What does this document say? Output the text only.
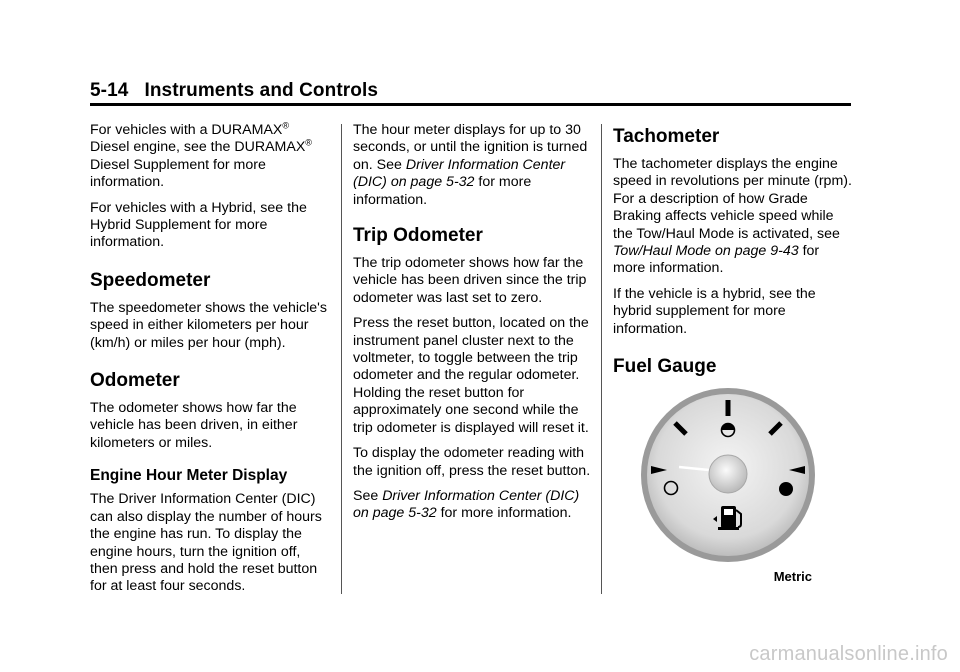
5-14 Instruments and Controls

For vehicles with a DURAMAX®
Diesel engine, see the DURAMAX®
Diesel Supplement for more information.

For vehicles with a Hybrid, see the Hybrid Supplement for more information.

Speedometer

The speedometer shows the vehicle's speed in either kilometers per hour (km/h) or miles per hour (mph).

Odometer

The odometer shows how far the vehicle has been driven, in either kilometers or miles.

Engine Hour Meter Display

The Driver Information Center (DIC) can also display the number of hours the engine has run. To display the engine hours, turn the ignition off, then press and hold the reset button for at least four seconds.

The hour meter displays for up to 30 seconds, or until the ignition is turned on. See Driver Information Center (DIC) on page 5-32 for more information.

Trip Odometer

The trip odometer shows how far the vehicle has been driven since the trip odometer was last set to zero.

Press the reset button, located on the instrument panel cluster next to the voltmeter, to toggle between the trip odometer and the regular odometer. Holding the reset button for approximately one second while the trip odometer is displayed will reset it.

To display the odometer reading with the ignition off, press the reset button.

See Driver Information Center (DIC) on page 5-32 for more information.

Tachometer

The tachometer displays the engine speed in revolutions per minute (rpm). For a description of how Grade Braking affects vehicle speed while the Tow/Haul Mode is activated, see Tow/Haul Mode on page 9-43 for more information.

If the vehicle is a hybrid, see the hybrid supplement for more information.

Fuel Gauge
Metric
carmanualsonline.info
